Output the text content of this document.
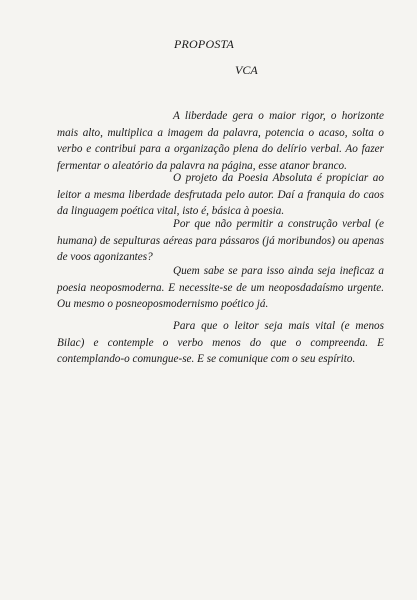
PROPOSTA
VCA

A liberdade gera o maior rigor, o horizonte mais alto, multiplica a imagem da palavra, potencia o acaso, solta o verbo e contribui para a organização plena do delírio verbal. Ao fazer fermentar o aleatório da palavra na página, esse atanor branco.

O projeto da Poesia Absoluta é propiciar ao leitor a mesma liberdade desfrutada pelo autor. Daí a franquia do caos da linguagem poética vital, isto é, básica à poesia.

Por que não permitir a construção verbal (e humana) de sepulturas aéreas para pássaros (já moribundos) ou apenas de voos agonizantes?

Quem sabe se para isso ainda seja ineficaz a poesia neoposmoderna. E necessite-se de um neoposdadaísmo urgente. Ou mesmo o posneoposmodernismo poético já.

Para que o leitor seja mais vital (e menos Bilac) e contemple o verbo menos do que o compreenda. E contemplando-o comungue-se. E se comunique com o seu espírito.
